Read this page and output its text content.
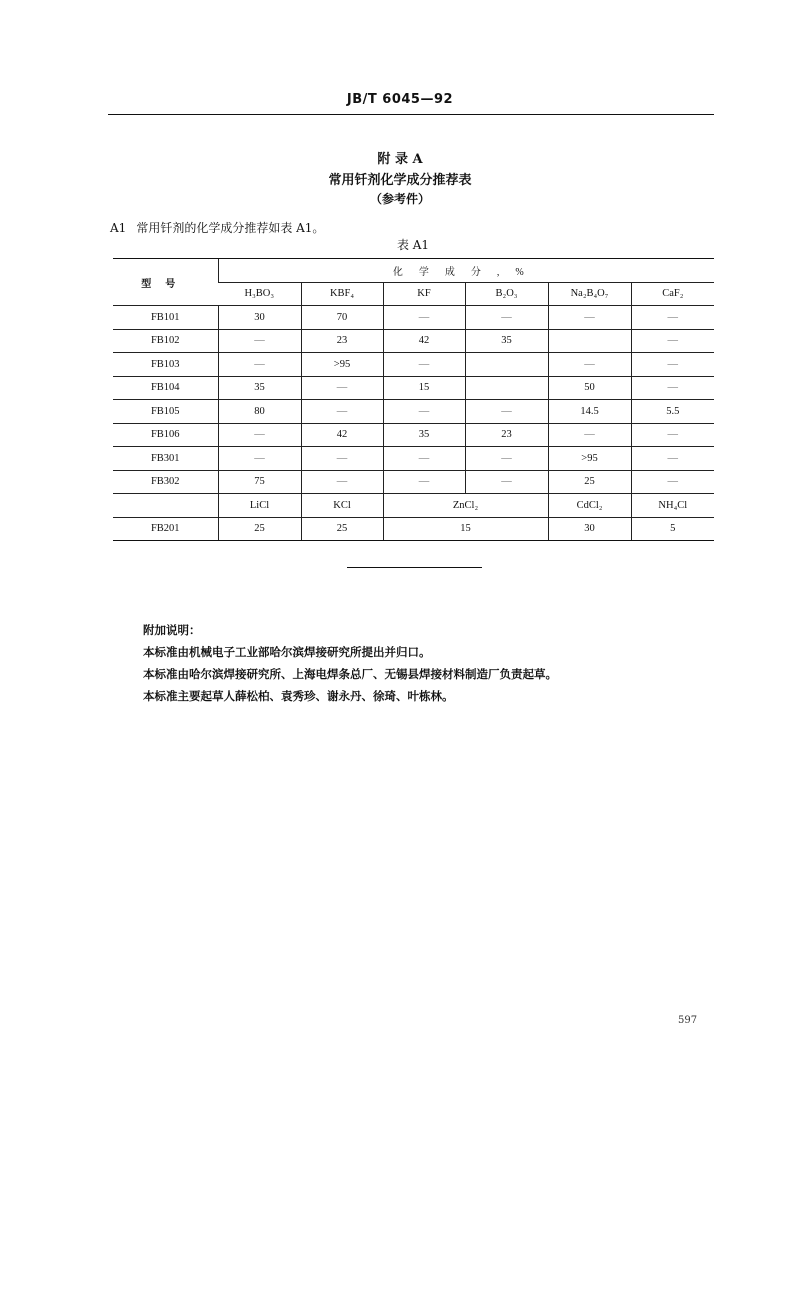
JB/T 6045—92
附 录 A
常用钎剂化学成分推荐表
（参考件）
A1 常用钎剂的化学成分推荐如表 A1。
表 A1
型号	化学成分,%					
	H₃BO₃	KBF₄	KF	B₂O₃	Na₂B₄O₇	CaF₂
FB101	30	70	—	—	—	—
FB102	—	23	42	35		—
FB103	—	>95	—		—	—
FB104	35	—	15		50	—
FB105	80	—	—	—	14.5	5.5
FB106	—	42	35	23	—	—
FB301	—	—	—	—	>95	—
FB302	75	—	—	—	25	—
	LiCl	KCl	ZnCl₂		CdCl₂	NH₄Cl
FB201	25	25	15		30	5
附加说明：
本标准由机械电子工业部哈尔滨焊接研究所提出并归口。
本标准由哈尔滨焊接研究所、上海电焊条总厂、无锡县焊接材料制造厂负责起草。
本标准主要起草人薛松柏、袁秀珍、谢永丹、徐琦、叶栋林。
597
